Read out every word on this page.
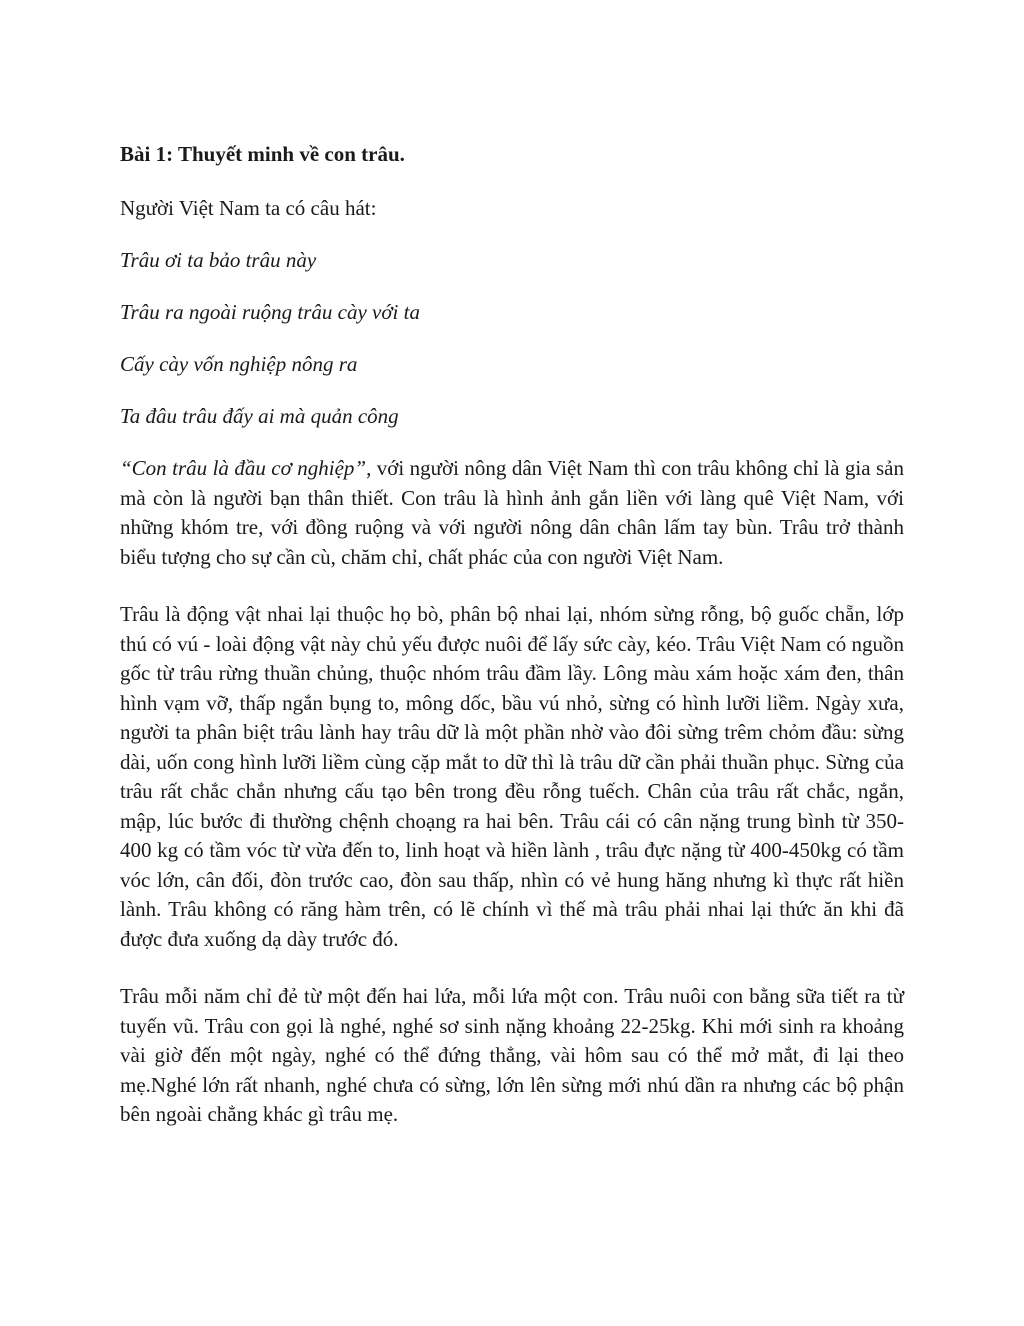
Bài 1: Thuyết minh về con trâu.

Người Việt Nam ta có câu hát:

Trâu ơi ta bảo trâu này

Trâu ra ngoài ruộng trâu cày với ta

Cấy cày vốn nghiệp nông ra

Ta đâu trâu đấy ai mà quản công

“Con trâu là đầu cơ nghiệp”, với người nông dân Việt Nam thì con trâu không chỉ là gia sản mà còn là người bạn thân thiết. Con trâu là hình ảnh gắn liền với làng quê Việt Nam, với những khóm tre, với đồng ruộng và với người nông dân chân lấm tay bùn. Trâu trở thành biểu tượng cho sự cần cù, chăm chỉ, chất phác của con người Việt Nam.

Trâu là động vật nhai lại thuộc họ bò, phân bộ nhai lại, nhóm sừng rỗng, bộ guốc chẵn, lớp thú có vú - loài động vật này chủ yếu được nuôi để lấy sức cày, kéo. Trâu Việt Nam có nguồn gốc từ trâu rừng thuần chủng, thuộc nhóm trâu đầm lầy. Lông màu xám hoặc xám đen, thân hình vạm vỡ, thấp ngắn bụng to, mông dốc, bầu vú nhỏ, sừng có hình lưỡi liềm. Ngày xưa, người ta phân biệt trâu lành hay trâu dữ là một phần nhờ vào đôi sừng trêm chỏm đầu: sừng dài, uốn cong hình lưỡi liềm cùng cặp mắt to dữ thì là trâu dữ cần phải thuần phục. Sừng của trâu rất chắc chắn nhưng cấu tạo bên trong đều rỗng tuếch. Chân của trâu rất chắc, ngắn, mập, lúc bước đi thường chệnh choạng ra hai bên. Trâu cái có cân nặng trung bình từ 350-400 kg có tầm vóc từ vừa đến to, linh hoạt và hiền lành , trâu đực nặng từ 400-450kg có tầm vóc lớn, cân đối, đòn trước cao, đòn sau thấp, nhìn có vẻ hung hăng nhưng kì thực rất hiền lành. Trâu không có răng hàm trên, có lẽ chính vì thế mà trâu phải nhai lại thức ăn khi đã được đưa xuống dạ dày trước đó.

Trâu mỗi năm chỉ đẻ từ một đến hai lứa, mỗi lứa một con. Trâu nuôi con bằng sữa tiết ra từ tuyến vũ. Trâu con gọi là nghé, nghé sơ sinh nặng khoảng 22-25kg. Khi mới sinh ra khoảng vài giờ đến một ngày, nghé có thể đứng thẳng, vài hôm sau có thể mở mắt, đi lại theo mẹ.Nghé lớn rất nhanh, nghé chưa có sừng, lớn lên sừng mới nhú dần ra nhưng các bộ phận bên ngoài chẳng khác gì trâu mẹ.
